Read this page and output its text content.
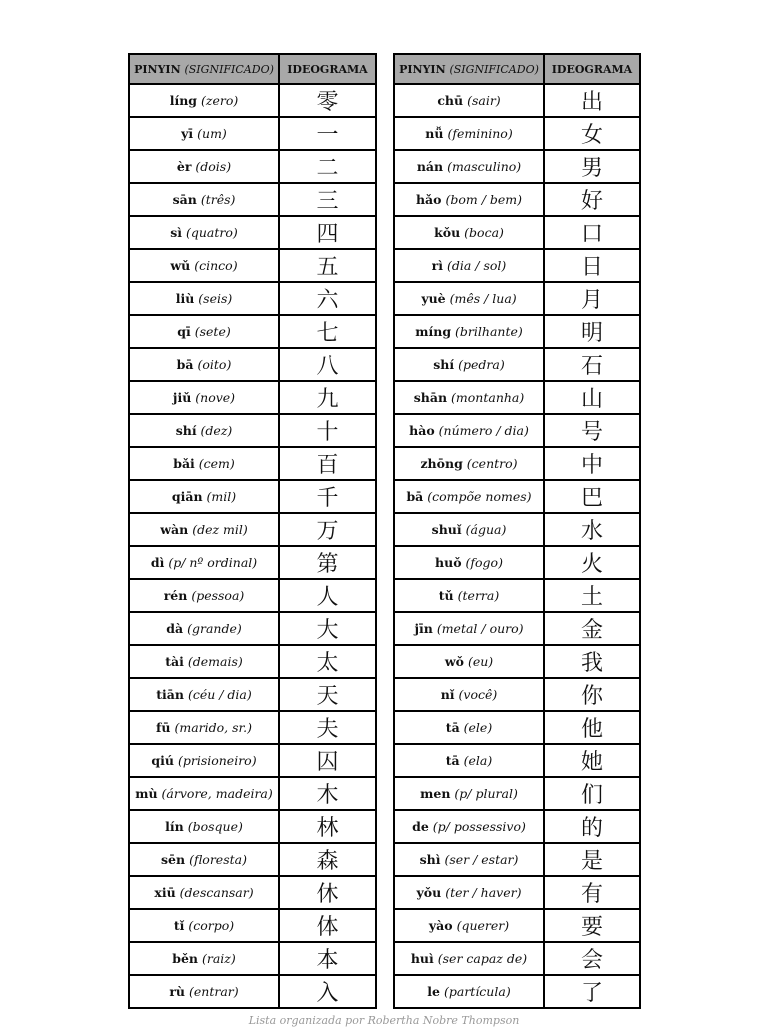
PINYIN (SIGNIFICADO)	IDEOGRAMA
líng (zero)	零
yī (um)	一
èr (dois)	二
sān (três)	三
sì (quatro)	四
wǔ (cinco)	五
liù (seis)	六
qī (sete)	七
bā (oito)	八
jiǔ (nove)	九
shí (dez)	十
bǎi (cem)	百
qiān (mil)	千
wàn (dez mil)	万
dì (p/ nº ordinal)	第
rén (pessoa)	人
dà (grande)	大
tài (demais)	太
tiān (céu / dia)	天
fū (marido, sr.)	夫
qiú (prisioneiro)	囚
mù (árvore, madeira)	木
lín (bosque)	林
sēn (floresta)	森
xiū (descansar)	休
tǐ (corpo)	体
běn (raiz)	本
rù (entrar)	入
PINYIN (SIGNIFICADO)	IDEOGRAMA
chū (sair)	出
nǚ (feminino)	女
nán (masculino)	男
hǎo (bom / bem)	好
kǒu (boca)	口
rì (dia / sol)	日
yuè (mês / lua)	月
míng (brilhante)	明
shí (pedra)	石
shān (montanha)	山
hào (número / dia)	号
zhōng (centro)	中
bā (compõe nomes)	巴
shuǐ (água)	水
huǒ (fogo)	火
tǔ (terra)	土
jīn (metal / ouro)	金
wǒ (eu)	我
nǐ (você)	你
tā (ele)	他
tā (ela)	她
men (p/ plural)	们
de (p/ possessivo)	的
shì (ser / estar)	是
yǒu (ter / haver)	有
yào (querer)	要
huì (ser capaz de)	会
le (partícula)	了
Lista organizada por Robertha Nobre Thompson
